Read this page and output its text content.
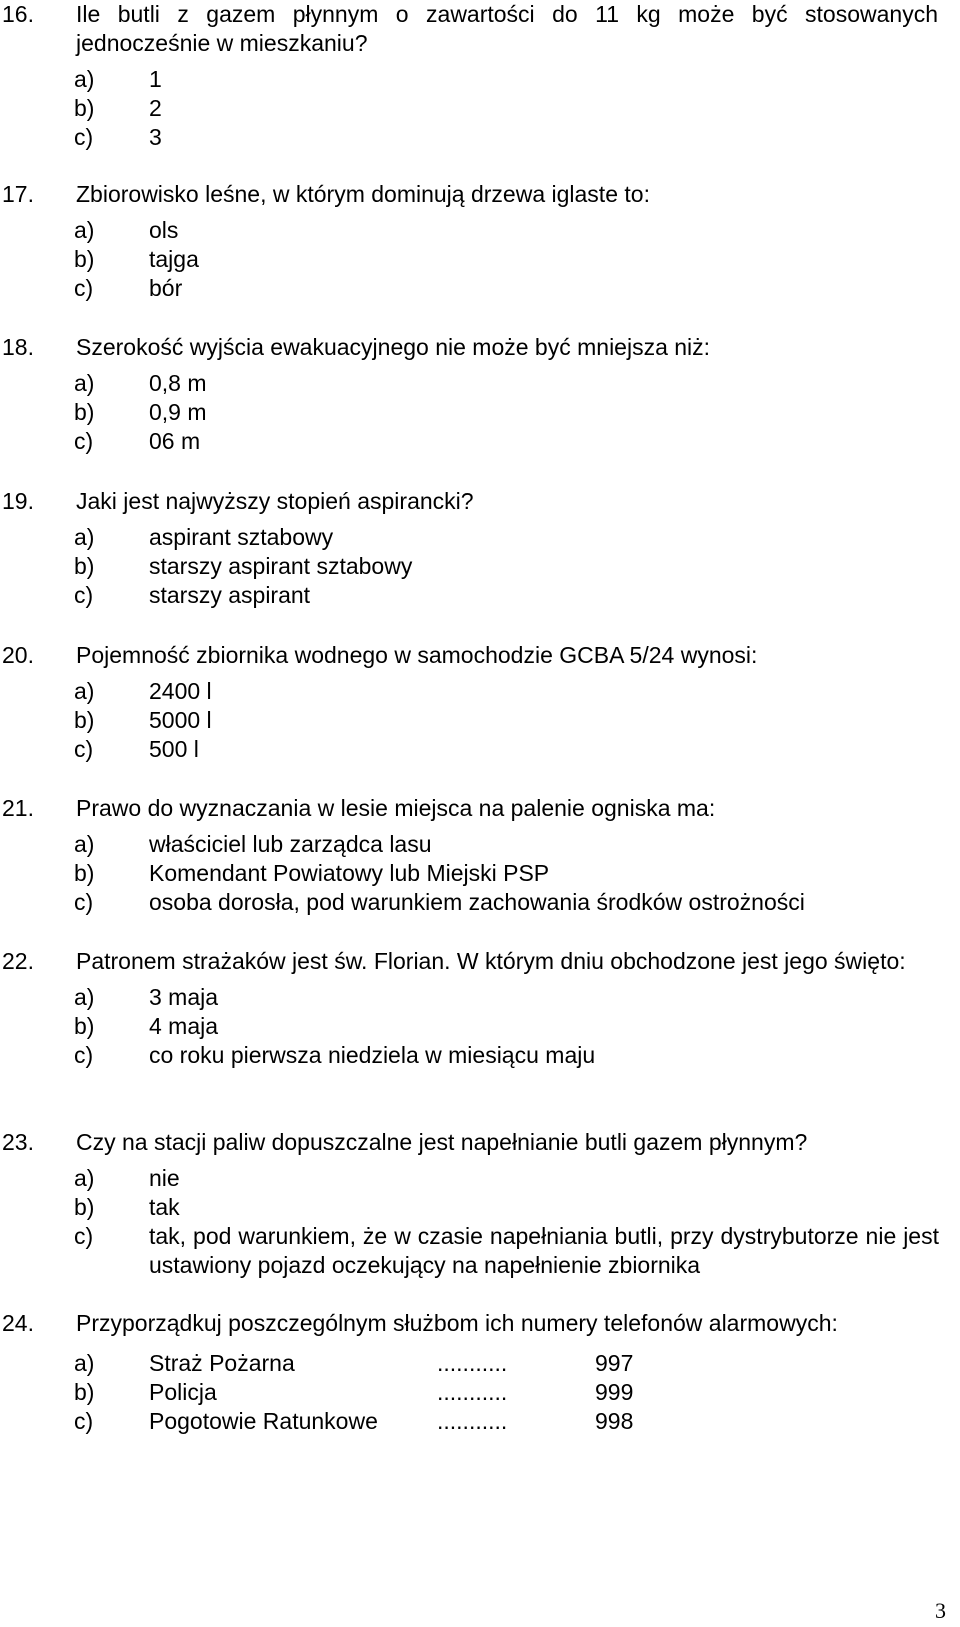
16.	Ile butli z gazem płynnym o zawartości do 11 kg może być stosowanych jednocześnie w mieszkaniu?
a)	1
b)	2
c)	3
17.	Zbiorowisko leśne, w którym dominują drzewa iglaste to:
a)	ols
b)	tajga
c)	bór
18.	Szerokość wyjścia ewakuacyjnego nie może być mniejsza niż:
a)	0,8 m
b)	0,9 m
c)	06 m
19.	Jaki jest najwyższy stopień aspirancki?
a)	aspirant sztabowy
b)	starszy aspirant sztabowy
c)	starszy aspirant
20.	Pojemność zbiornika wodnego w samochodzie GCBA 5/24 wynosi:
a)	2400 l
b)	5000 l
c)	500 l
21.	Prawo do wyznaczania w lesie miejsca na palenie ogniska ma:
a)	właściciel lub zarządca lasu
b)	Komendant Powiatowy lub Miejski PSP
c)	osoba dorosła, pod warunkiem zachowania środków ostrożności
22.	Patronem strażaków jest św. Florian. W którym dniu obchodzone jest jego święto:
a)	3 maja
b)	4 maja
c)	co roku pierwsza niedziela w miesiącu maju
23.	Czy na stacji paliw dopuszczalne jest napełnianie butli gazem płynnym?
a)	nie
b)	tak
c)	tak, pod warunkiem, że w czasie napełniania butli, przy dystrybutorze nie jest ustawiony pojazd oczekujący na napełnienie zbiornika
24.	Przyporządkuj poszczególnym służbom ich numery telefonów alarmowych:
a)	Straż Pożarna	...........	997
b)	Policja	...........	999
c)	Pogotowie Ratunkowe	...........	998
3
